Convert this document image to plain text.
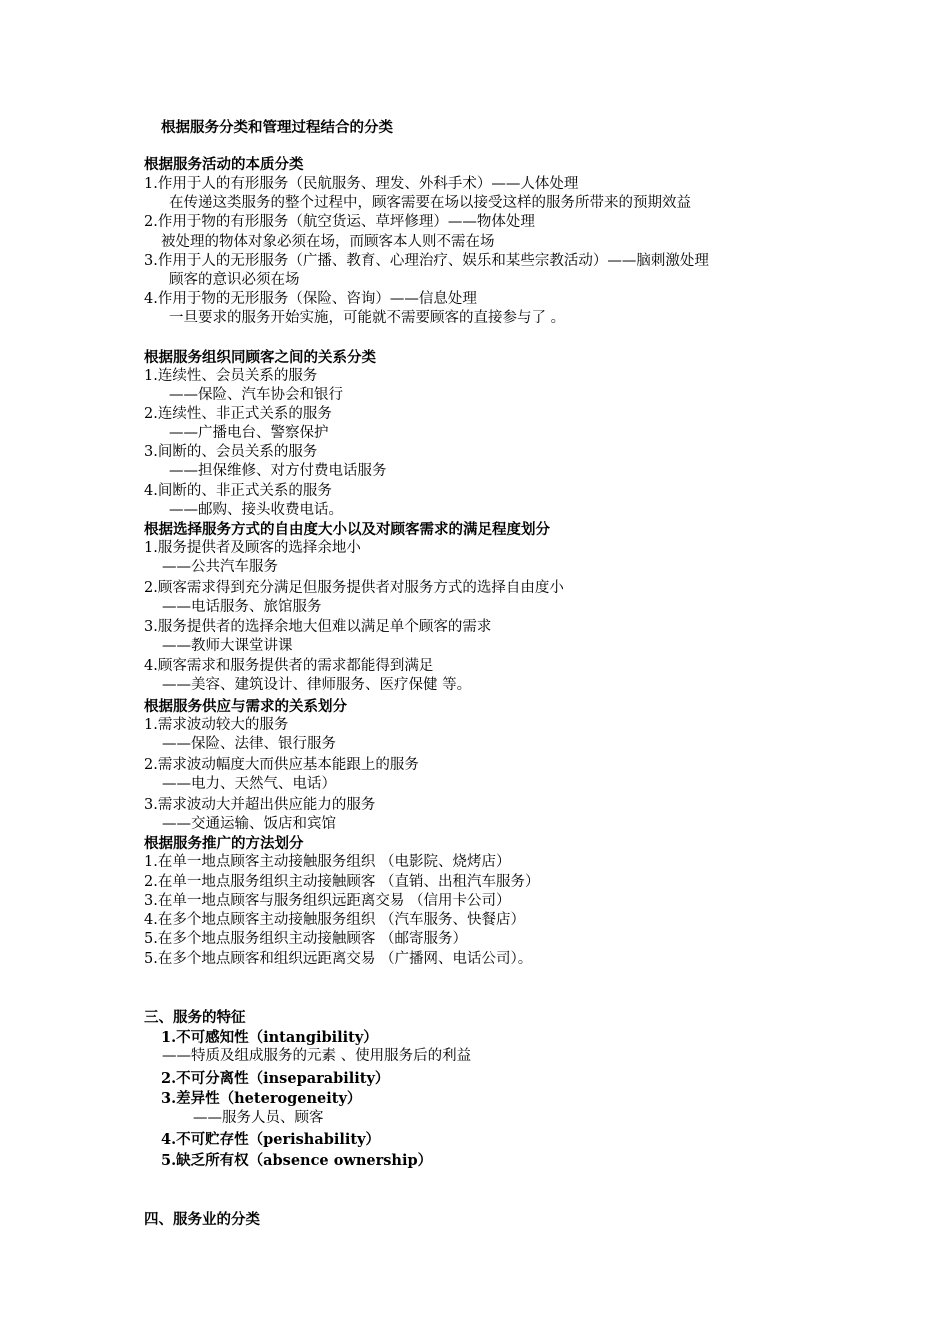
根据服务分类和管理过程结合的分类
根据服务活动的本质分类
1.作用于人的有形服务（民航服务、理发、外科手术）——人体处理
在传递这类服务的整个过程中，顾客需要在场以接受这样的服务所带来的预期效益
2.作用于物的有形服务（航空货运、草坪修理）——物体处理
被处理的物体对象必须在场，而顾客本人则不需在场
3.作用于人的无形服务（广播、教育、心理治疗、娱乐和某些宗教活动）——脑刺激处理
顾客的意识必须在场
4.作用于物的无形服务（保险、咨询）——信息处理
一旦要求的服务开始实施，可能就不需要顾客的直接参与了 。
根据服务组织同顾客之间的关系分类
1.连续性、会员关系的服务
——保险、汽车协会和银行
2.连续性、非正式关系的服务
——广播电台、警察保护
3.间断的、会员关系的服务
——担保维修、对方付费电话服务
4.间断的、非正式关系的服务
——邮购、接头收费电话。
根据选择服务方式的自由度大小以及对顾客需求的满足程度划分
1.服务提供者及顾客的选择余地小
——公共汽车服务
2.顾客需求得到充分满足但服务提供者对服务方式的选择自由度小
——电话服务、旅馆服务
3.服务提供者的选择余地大但难以满足单个顾客的需求
——教师大课堂讲课
4.顾客需求和服务提供者的需求都能得到满足
——美容、建筑设计、律师服务、医疗保健 等。
根据服务供应与需求的关系划分
1.需求波动较大的服务
——保险、法律、银行服务
2.需求波动幅度大而供应基本能跟上的服务
——电力、天然气、电话）
3.需求波动大并超出供应能力的服务
——交通运输、饭店和宾馆
根据服务推广的方法划分
1.在单一地点顾客主动接触服务组织 （电影院、烧烤店）
2.在单一地点服务组织主动接触顾客 （直销、出租汽车服务）
3.在单一地点顾客与服务组织远距离交易 （信用卡公司）
4.在多个地点顾客主动接触服务组织 （汽车服务、快餐店）
5.在多个地点服务组织主动接触顾客 （邮寄服务）
5.在多个地点顾客和组织远距离交易 （广播网、电话公司）。
三、服务的特征
1.不可感知性（intangibility）
——特质及组成服务的元素 、使用服务后的利益
2.不可分离性（inseparability）
3.差异性（heterogeneity）
——服务人员、顾客
4.不可贮存性（perishability）
5.缺乏所有权（absence ownership）
四、服务业的分类
